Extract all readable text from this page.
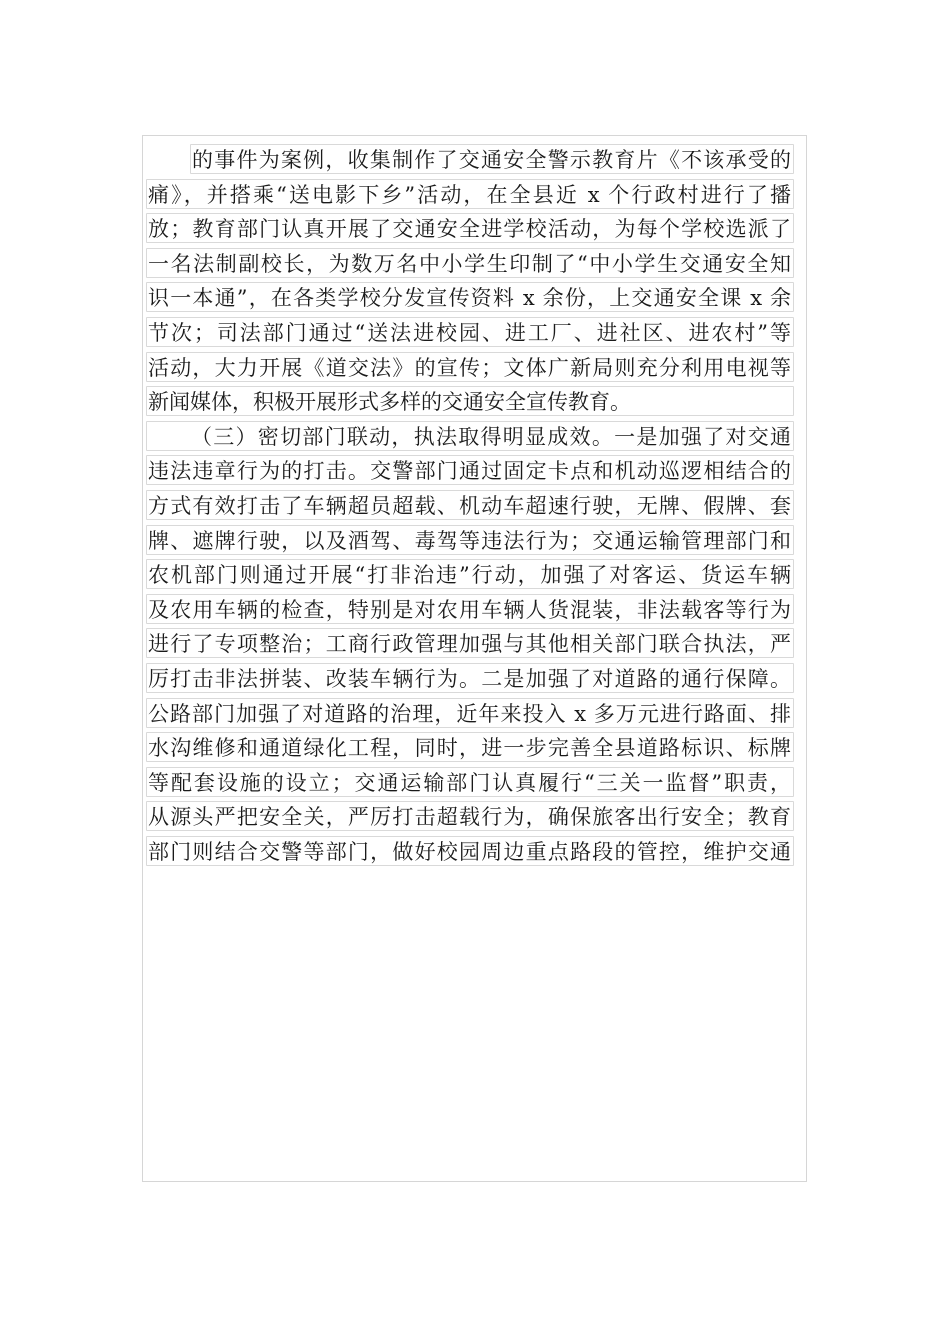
的事件为案例，收集制作了交通安全警示教育片《不该承受的

痛》，并搭乘“送电影下乡”活动，在全县近 x 个行政村进行了播

放；教育部门认真开展了交通安全进学校活动，为每个学校选派了

一名法制副校长，为数万名中小学生印制了“中小学生交通安全知

识一本通”，在各类学校分发宣传资料 x 余份，上交通安全课 x 余

节次；司法部门通过“送法进校园、进工厂、进社区、进农村”等

活动，大力开展《道交法》的宣传；文体广新局则充分利用电视等

新闻媒体，积极开展形式多样的交通安全宣传教育。

（三）密切部门联动，执法取得明显成效。一是加强了对交通

违法违章行为的打击。交警部门通过固定卡点和机动巡逻相结合的

方式有效打击了车辆超员超载、机动车超速行驶，无牌、假牌、套

牌、遮牌行驶，以及酒驾、毒驾等违法行为；交通运输管理部门和

农机部门则通过开展“打非治违”行动，加强了对客运、货运车辆

及农用车辆的检查，特别是对农用车辆人货混装，非法载客等行为

进行了专项整治；工商行政管理加强与其他相关部门联合执法，严

厉打击非法拼装、改装车辆行为。二是加强了对道路的通行保障。

公路部门加强了对道路的治理，近年来投入 x 多万元进行路面、排

水沟维修和通道绿化工程，同时，进一步完善全县道路标识、标牌

等配套设施的设立；交通运输部门认真履行“三关一监督”职责，

从源头严把安全关，严厉打击超载行为，确保旅客出行安全；教育

部门则结合交警等部门，做好校园周边重点路段的管控，维护交通
